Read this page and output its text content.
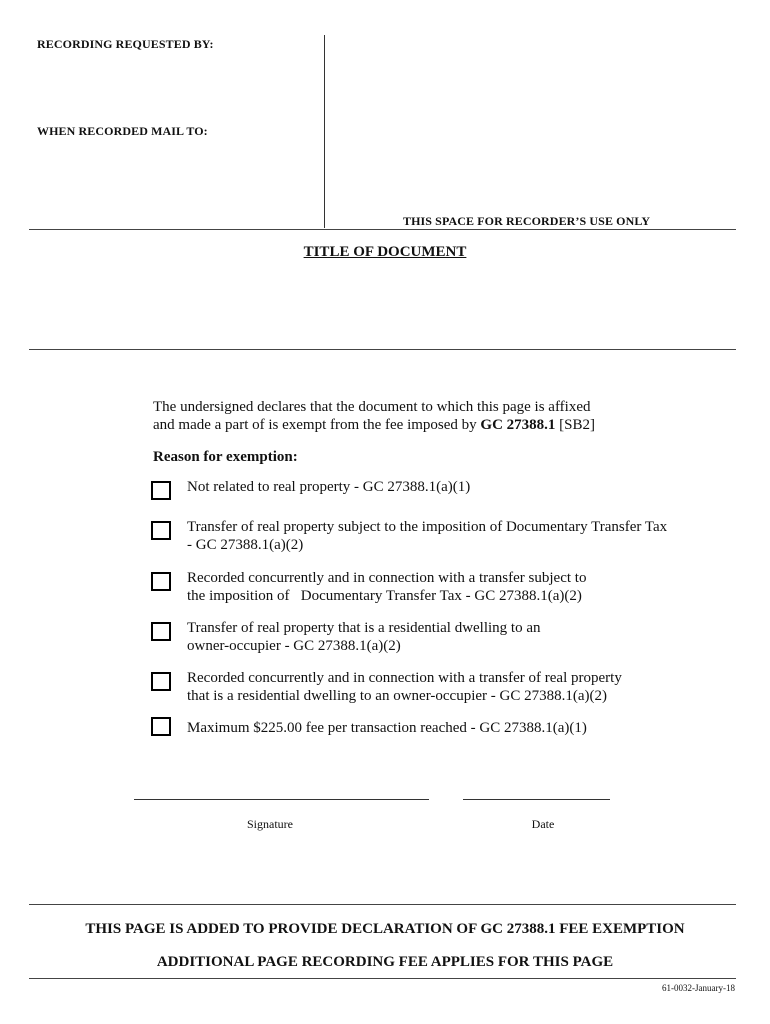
RECORDING REQUESTED BY:
WHEN RECORDED MAIL TO:
THIS SPACE FOR RECORDER’S USE ONLY
TITLE OF DOCUMENT
The undersigned declares that the document to which this page is affixed
and made a part of is exempt from the fee imposed by GC 27388.1 [SB2]
Reason for exemption:
Not related to real property - GC 27388.1(a)(1)
Transfer of real property subject to the imposition of Documentary Transfer Tax
- GC 27388.1(a)(2)
Recorded concurrently and in connection with a transfer subject to
the imposition of   Documentary Transfer Tax - GC 27388.1(a)(2)
Transfer of real property that is a residential dwelling to an
owner-occupier - GC 27388.1(a)(2)
Recorded concurrently and in connection with a transfer of real property
that is a residential dwelling to an owner-occupier - GC 27388.1(a)(2)
Maximum $225.00 fee per transaction reached - GC 27388.1(a)(1)
Signature	Date
THIS PAGE IS ADDED TO PROVIDE DECLARATION OF GC 27388.1 FEE EXEMPTION
ADDITIONAL PAGE RECORDING FEE APPLIES FOR THIS PAGE
61-0032-January-18
